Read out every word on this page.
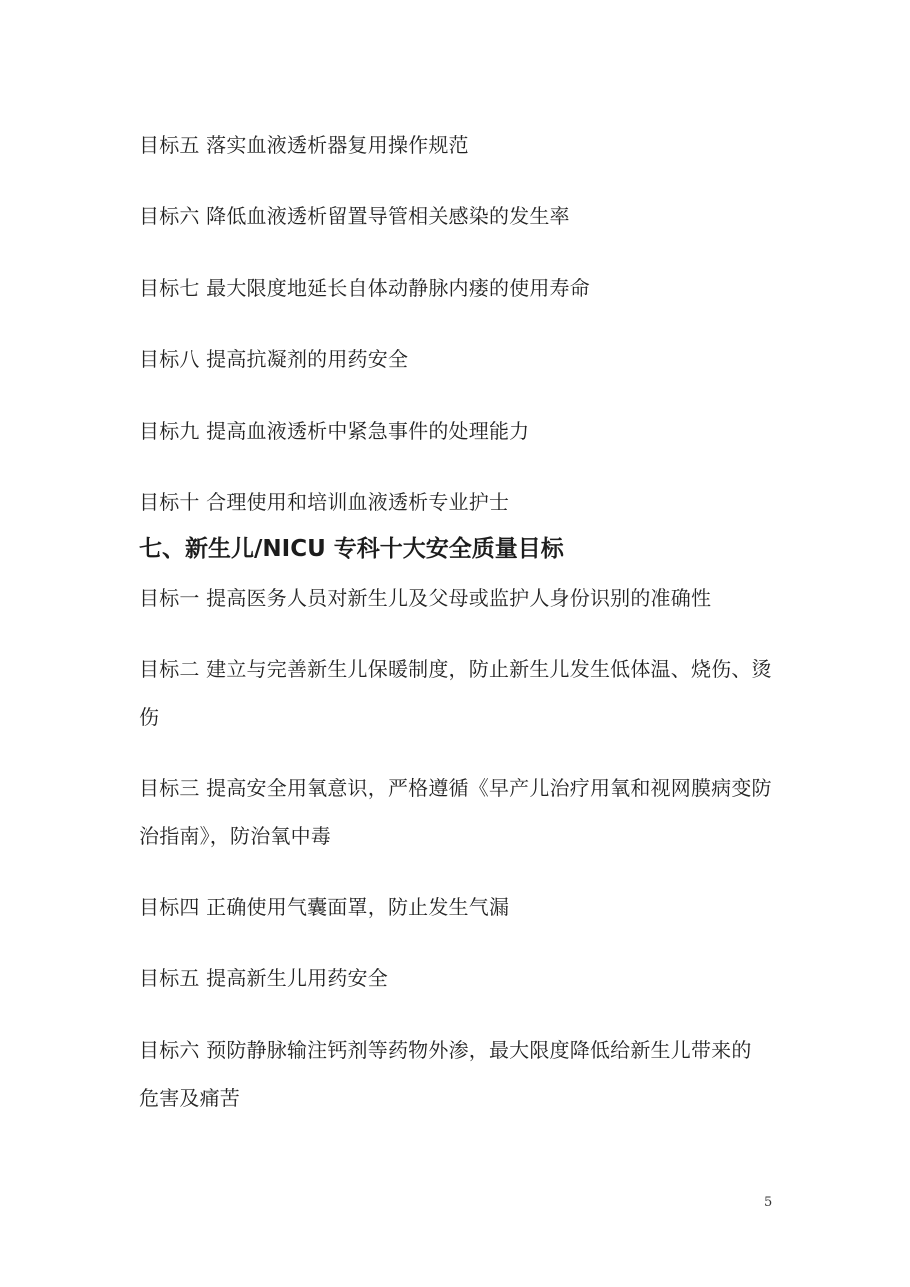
目标五 落实血液透析器复用操作规范
目标六 降低血液透析留置导管相关感染的发生率
目标七 最大限度地延长自体动静脉内瘘的使用寿命
目标八 提高抗凝剂的用药安全
目标九 提高血液透析中紧急事件的处理能力
目标十 合理使用和培训血液透析专业护士
七、新生儿/NICU 专科十大安全质量目标
目标一 提高医务人员对新生儿及父母或监护人身份识别的准确性
目标二 建立与完善新生儿保暖制度，防止新生儿发生低体温、烧伤、烫
伤
目标三 提高安全用氧意识，严格遵循《早产儿治疗用氧和视网膜病变防
治指南》，防治氧中毒
目标四 正确使用气囊面罩，防止发生气漏
目标五 提高新生儿用药安全
目标六 预防静脉输注钙剂等药物外渗，最大限度降低给新生儿带来的
危害及痛苦
5
